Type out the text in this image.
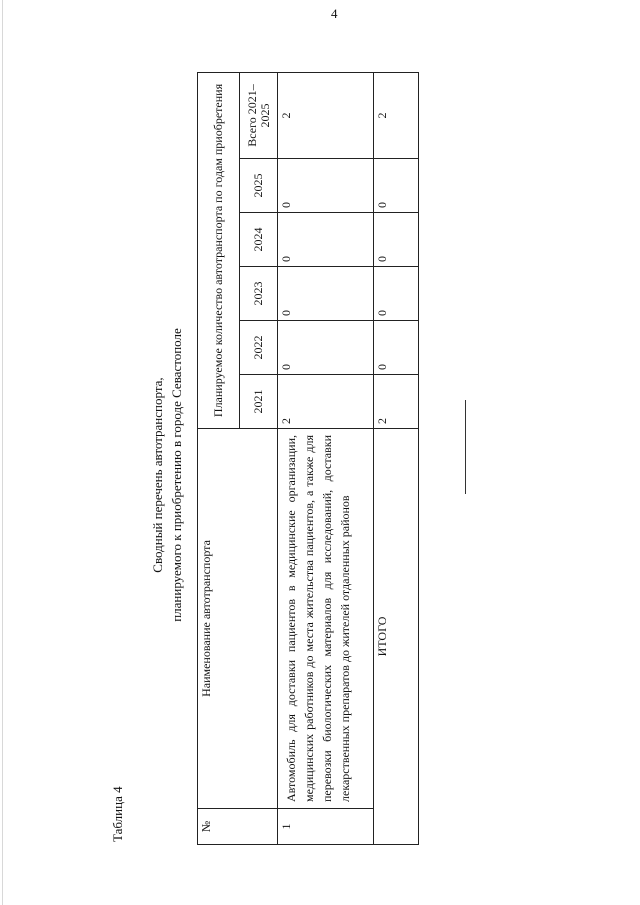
4
Таблица 4
Сводный перечень автотранспорта, планируемого к приобретению в городе Севастополе
№	Наименование автотранспорта	Планируемое количество автотранспорта по годам приобретения					
		2021	2022	2023	2024	2025	Всего 2021–2025
1	Автомобиль для доставки пациентов в медицинские организации, медицинских работников до места жительства пациентов, а также для перевозки биологических материалов для исследований, доставки лекарственных препаратов до жителей отдаленных районов	2	0	0	0	0	2
ИТОГО		2	0	0	0	0	2
